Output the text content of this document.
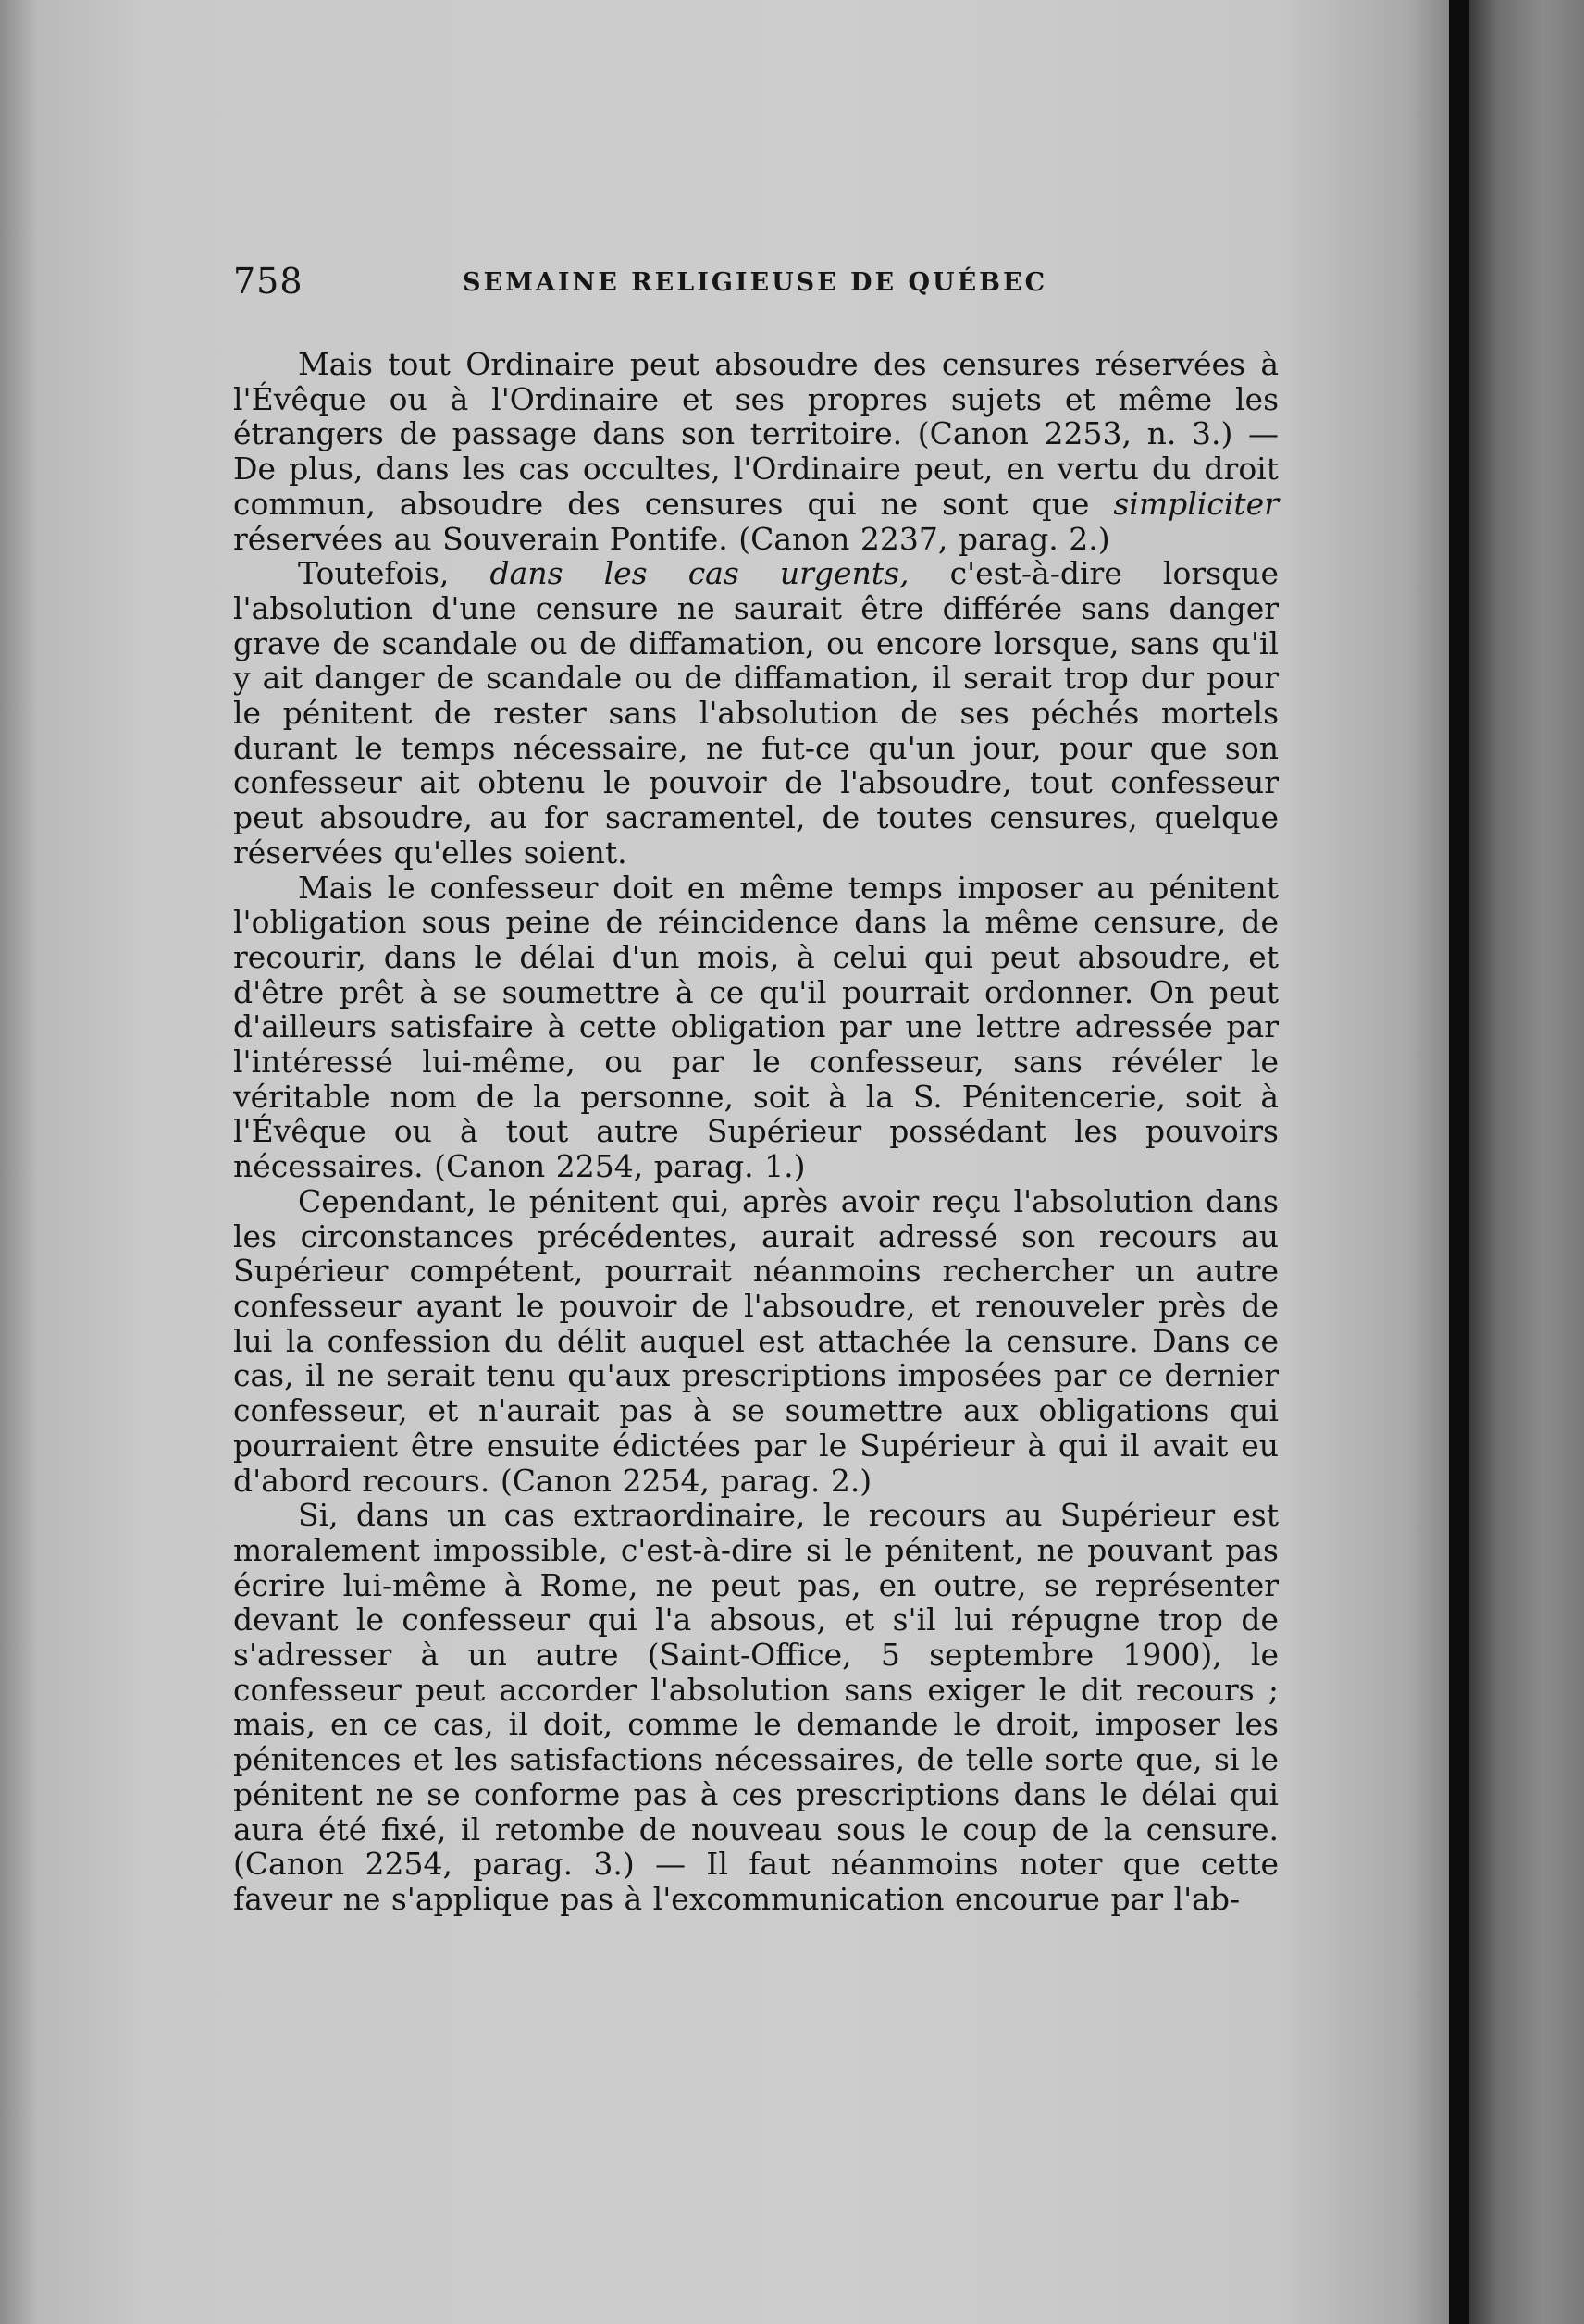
758	SEMAINE RELIGIEUSE DE QUÉBEC

Mais tout Ordinaire peut absoudre des censures réservées à l'Évêque ou à l'Ordinaire et ses propres sujets et même les étrangers de passage dans son territoire. (Canon 2253, n. 3.) — De plus, dans les cas occultes, l'Ordinaire peut, en vertu du droit commun, absoudre des censures qui ne sont que simpliciter réservées au Souverain Pontife. (Canon 2237, parag. 2.)

Toutefois, dans les cas urgents, c'est-à-dire lorsque l'absolution d'une censure ne saurait être différée sans danger grave de scandale ou de diffamation, ou encore lorsque, sans qu'il y ait danger de scandale ou de diffamation, il serait trop dur pour le pénitent de rester sans l'absolution de ses péchés mortels durant le temps nécessaire, ne fut-ce qu'un jour, pour que son confesseur ait obtenu le pouvoir de l'absoudre, tout confesseur peut absoudre, au for sacramentel, de toutes censures, quelque réservées qu'elles soient.

Mais le confesseur doit en même temps imposer au pénitent l'obligation sous peine de réincidence dans la même censure, de recourir, dans le délai d'un mois, à celui qui peut absoudre, et d'être prêt à se soumettre à ce qu'il pourrait ordonner. On peut d'ailleurs satisfaire à cette obligation par une lettre adressée par l'intéressé lui-même, ou par le confesseur, sans révéler le véritable nom de la personne, soit à la S. Pénitencerie, soit à l'Évêque ou à tout autre Supérieur possédant les pouvoirs nécessaires. (Canon 2254, parag. 1.)

Cependant, le pénitent qui, après avoir reçu l'absolution dans les circonstances précédentes, aurait adressé son recours au Supérieur compétent, pourrait néanmoins rechercher un autre confesseur ayant le pouvoir de l'absoudre, et renouveler près de lui la confession du délit auquel est attachée la censure. Dans ce cas, il ne serait tenu qu'aux prescriptions imposées par ce dernier confesseur, et n'aurait pas à se soumettre aux obligations qui pourraient être ensuite édictées par le Supérieur à qui il avait eu d'abord recours. (Canon 2254, parag. 2.)

Si, dans un cas extraordinaire, le recours au Supérieur est moralement impossible, c'est-à-dire si le pénitent, ne pouvant pas écrire lui-même à Rome, ne peut pas, en outre, se représenter devant le confesseur qui l'a absous, et s'il lui répugne trop de s'adresser à un autre (Saint-Office, 5 septembre 1900), le confesseur peut accorder l'absolution sans exiger le dit recours ; mais, en ce cas, il doit, comme le demande le droit, imposer les pénitences et les satisfactions nécessaires, de telle sorte que, si le pénitent ne se conforme pas à ces prescriptions dans le délai qui aura été fixé, il retombe de nouveau sous le coup de la censure. (Canon 2254, parag. 3.) — Il faut néanmoins noter que cette faveur ne s'applique pas à l'excommunication encourue par l'ab-
